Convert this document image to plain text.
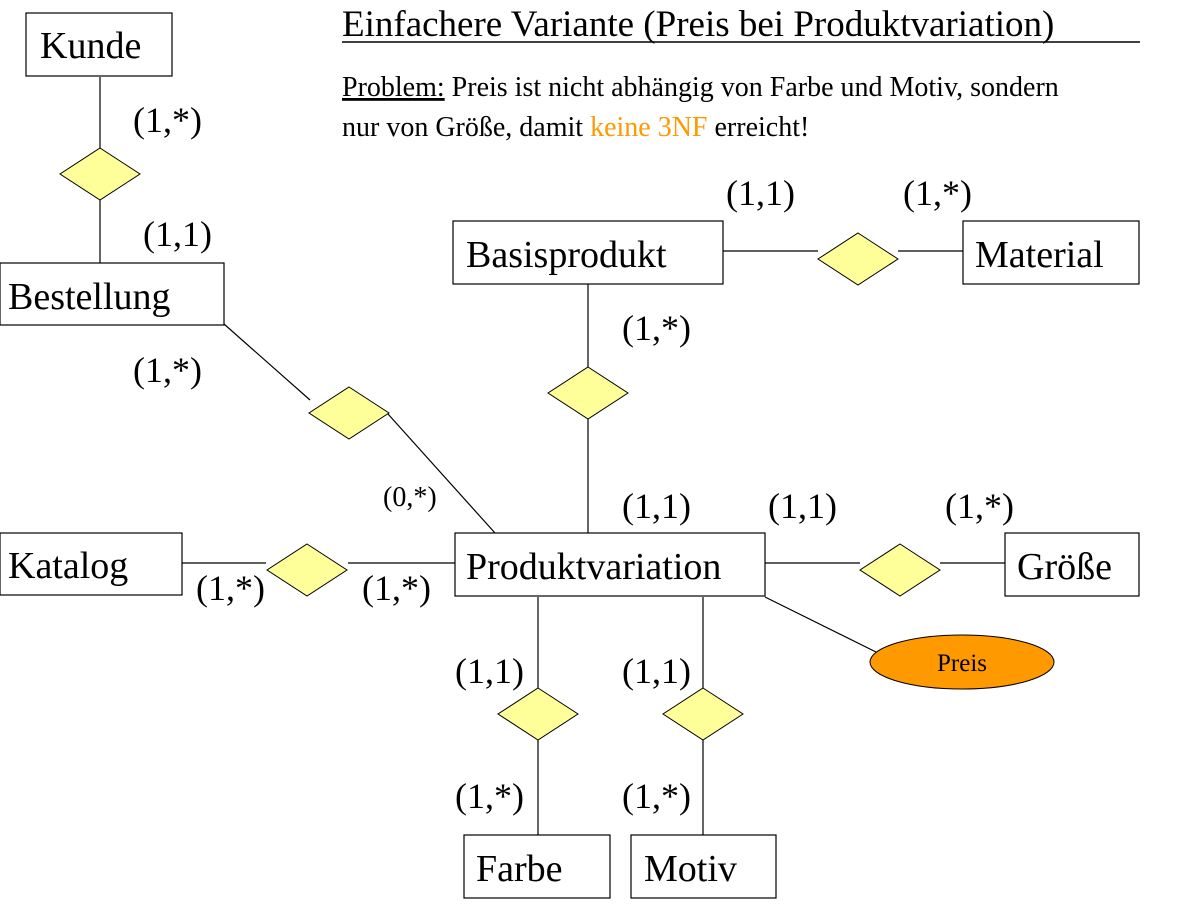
Einfachere Variante (Preis bei Produktvariation)
Problem: Preis ist nicht abhängig von Farbe und Motiv, sondern
nur von Größe, damit keine 3NF erreicht!
Kunde
Bestellung
Basisprodukt	Material
Katalog	Produktvariation	Größe
Farbe Motiv
Preis
(1,*)
(1,1)
(1,*)
(0,*)
(1,1)	(1,*)
(1,*)
(1,1) (1,1)	(1,*)
(1,*)	(1,*)
(1,1)
(1,*)
(1,1)
(1,*)
